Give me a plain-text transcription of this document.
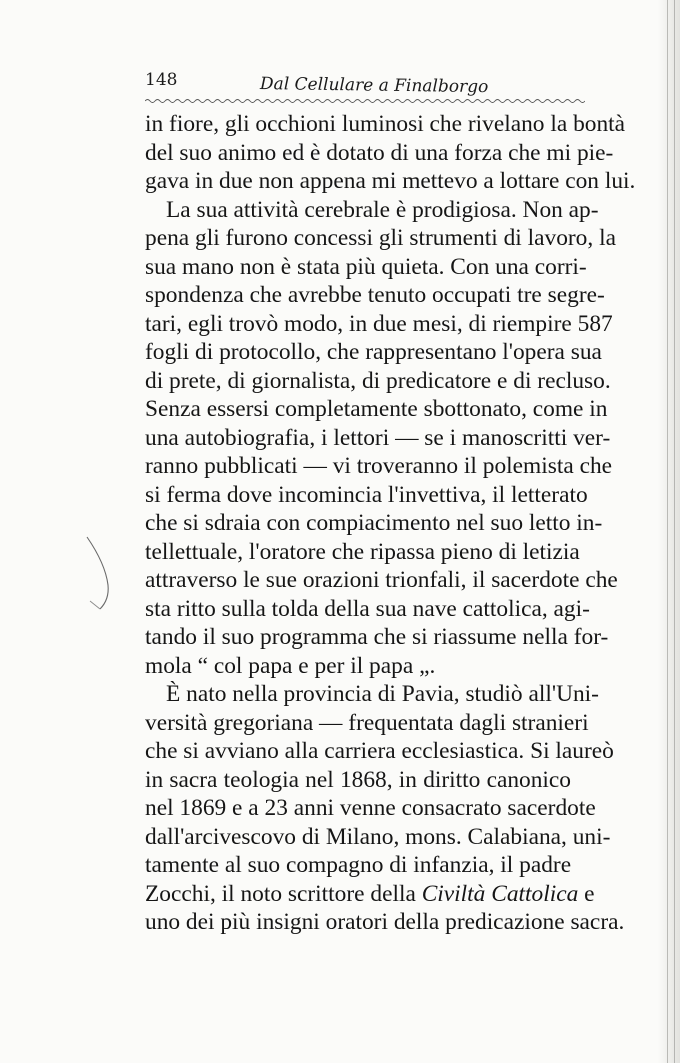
148	Dal Cellulare a Finalborgo
in fiore, gli occhioni luminosi che rivelano la bontà
del suo animo ed è dotato di una forza che mi pie-
gava in due non appena mi mettevo a lottare con lui.
La sua attività cerebrale è prodigiosa. Non ap-
pena gli furono concessi gli strumenti di lavoro, la
sua mano non è stata più quieta. Con una corri-
spondenza che avrebbe tenuto occupati tre segre-
tari, egli trovò modo, in due mesi, di riempire 587
fogli di protocollo, che rappresentano l'opera sua
di prete, di giornalista, di predicatore e di recluso.
Senza essersi completamente sbottonato, come in
una autobiografia, i lettori — se i manoscritti ver-
ranno pubblicati — vi troveranno il polemista che
si ferma dove incomincia l'invettiva, il letterato
che si sdraia con compiacimento nel suo letto in-
tellettuale, l'oratore che ripassa pieno di letizia
attraverso le sue orazioni trionfali, il sacerdote che
sta ritto sulla tolda della sua nave cattolica, agi-
tando il suo programma che si riassume nella for-
mola “ col papa e per il papa „.
È nato nella provincia di Pavia, studiò all'Uni-
versità gregoriana — frequentata dagli stranieri
che si avviano alla carriera ecclesiastica. Si laureò
in sacra teologia nel 1868, in diritto canonico
nel 1869 e a 23 anni venne consacrato sacerdote
dall'arcivescovo di Milano, mons. Calabiana, uni-
tamente al suo compagno di infanzia, il padre
Zocchi, il noto scrittore della Civiltà Cattolica e
uno dei più insigni oratori della predicazione sacra.
